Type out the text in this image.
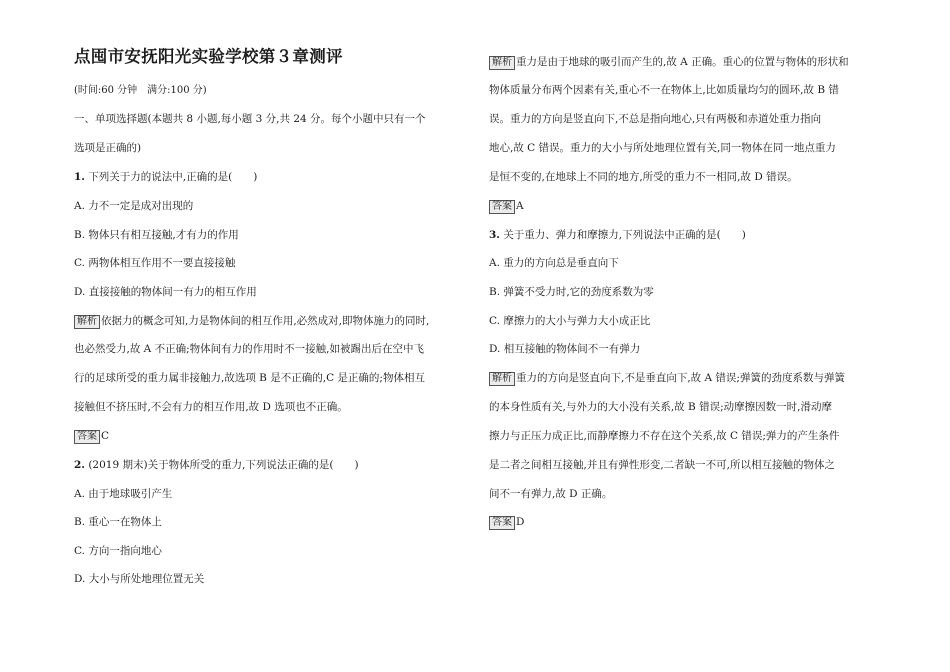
点囤市安抚阳光实验学校第３章测评
(时间:60 分钟　满分:100 分)
一、单项选择题(本题共 8 小题,每小题 3 分,共 24 分。每个小题中只有一个
选项是正确的)
1. 下列关于力的说法中,正确的是(　　)
A. 力不一定是成对出现的
B. 物体只有相互接触,才有力的作用
C. 两物体相互作用不一要直接接触
D. 直接接触的物体间一有力的相互作用
解析 依据力的概念可知,力是物体间的相互作用,必然成对,即物体施力的同时,
也必然受力,故 A 不正确;物体间有力的作用时不一接触,如被踢出后在空中飞
行的足球所受的重力属非接触力,故选项 B 是不正确的,C 是正确的;物体相互
接触但不挤压时,不会有力的相互作用,故 D 选项也不正确。
答案 C
2. (2019 期末)关于物体所受的重力,下列说法正确的是(　　)
A. 由于地球吸引产生
B. 重心一在物体上
C. 方向一指向地心
D. 大小与所处地理位置无关
解析 重力是由于地球的吸引而产生的,故 A 正确。重心的位置与物体的形状和
物体质量分布两个因素有关,重心不一在物体上,比如质量均匀的圆环,故 B 错
误。重力的方向是竖直向下,不总是指向地心,只有两极和赤道处重力指向
地心,故 C 错误。重力的大小与所处地理位置有关,同一物体在同一地点重力
是恒不变的,在地球上不同的地方,所受的重力不一相同,故 D 错误。
答案 A
3. 关于重力、弹力和摩擦力,下列说法中正确的是(　　)
A. 重力的方向总是垂直向下
B. 弹簧不受力时,它的劲度系数为零
C. 摩擦力的大小与弹力大小成正比
D. 相互接触的物体间不一有弹力
解析 重力的方向是竖直向下,不是垂直向下,故 A 错误;弹簧的劲度系数与弹簧
的本身性质有关,与外力的大小没有关系,故 B 错误;动摩擦因数一时,滑动摩
擦力与正压力成正比,而静摩擦力不存在这个关系,故 C 错误;弹力的产生条件
是二者之间相互接触,并且有弹性形变,二者缺一不可,所以相互接触的物体之
间不一有弹力,故 D 正确。
答案 D
